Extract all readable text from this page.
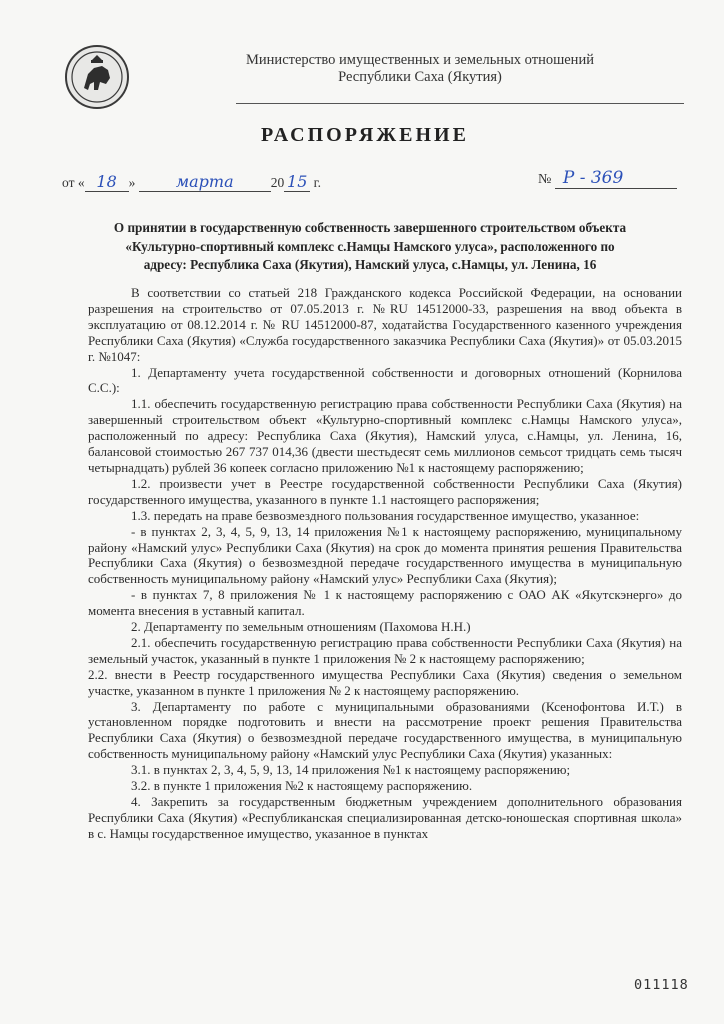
Министерство имущественных и земельных отношений
Республики Саха (Якутия)
РАСПОРЯЖЕНИЕ
от « 18 »	марта	20 15 г.	№ Р - 369
О принятии в государственную собственность завершенного строительством объекта
«Культурно-спортивный комплекс с.Намцы Намского улуса», расположенного по
адресу: Республика Саха (Якутия), Намский улуса, с.Намцы, ул. Ленина, 16

В соответствии со статьей 218 Гражданского кодекса Российской Федерации, на основании разрешения на строительство от 07.05.2013 г. №RU 14512000-33, разрешения на ввод объекта в эксплуатацию от 08.12.2014 г. № RU 14512000-87, ходатайства Государственного казенного учреждения Республики Саха (Якутия) «Служба государственного заказчика Республики Саха (Якутия)» от 05.03.2015 г. №1047:

1. Департаменту учета государственной собственности и договорных отношений (Корнилова С.С.):

1.1. обеспечить государственную регистрацию права собственности Республики Саха (Якутия) на завершенный строительством объект «Культурно-спортивный комплекс с.Намцы Намского улуса», расположенный по адресу: Республика Саха (Якутия), Намский улуса, с.Намцы, ул. Ленина, 16, балансовой стоимостью 267 737 014,36 (двести шестьдесят семь миллионов семьсот тридцать семь тысяч четырнадцать) рублей 36 копеек согласно приложению №1 к настоящему распоряжению;

1.2. произвести учет в Реестре государственной собственности Республики Саха (Якутия) государственного имущества, указанного в пункте 1.1 настоящего распоряжения;

1.3. передать на праве безвозмездного пользования государственное имущество, указанное:

- в пунктах 2, 3, 4, 5, 9, 13, 14 приложения №1 к настоящему распоряжению, муниципальному району «Намский улус» Республики Саха (Якутия) на срок до момента принятия решения Правительства Республики Саха (Якутия) о безвозмездной передаче государственного имущества в муниципальную собственность муниципальному району «Намский улус» Республики Саха (Якутия);

- в пунктах 7, 8 приложения № 1 к настоящему распоряжению с ОАО АК «Якутскэнерго» до момента внесения в уставный капитал.

2. Департаменту по земельным отношениям (Пахомова Н.Н.)

2.1. обеспечить государственную регистрацию права собственности Республики Саха (Якутия) на земельный участок, указанный в пункте 1 приложения № 2 к настоящему распоряжению;

2.2. внести в Реестр государственного имущества Республики Саха (Якутия) сведения о земельном участке, указанном в пункте 1 приложения № 2 к настоящему распоряжению.

3. Департаменту по работе с муниципальными образованиями (Ксенофонтова И.Т.) в установленном порядке подготовить и внести на рассмотрение проект решения Правительства Республики Саха (Якутия) о безвозмездной передаче государственного имущества, в муниципальную собственность муниципальному району «Намский улус Республики Саха (Якутия) указанных:

3.1. в пунктах 2, 3, 4, 5, 9, 13, 14 приложения №1 к настоящему распоряжению;

3.2. в пункте 1 приложения №2 к настоящему распоряжению.

4. Закрепить за государственным бюджетным учреждением дополнительного образования Республики Саха (Якутия) «Республиканская специализированная детско-юношеская спортивная школа» в с. Намцы государственное имущество, указанное в пунктах

011118
